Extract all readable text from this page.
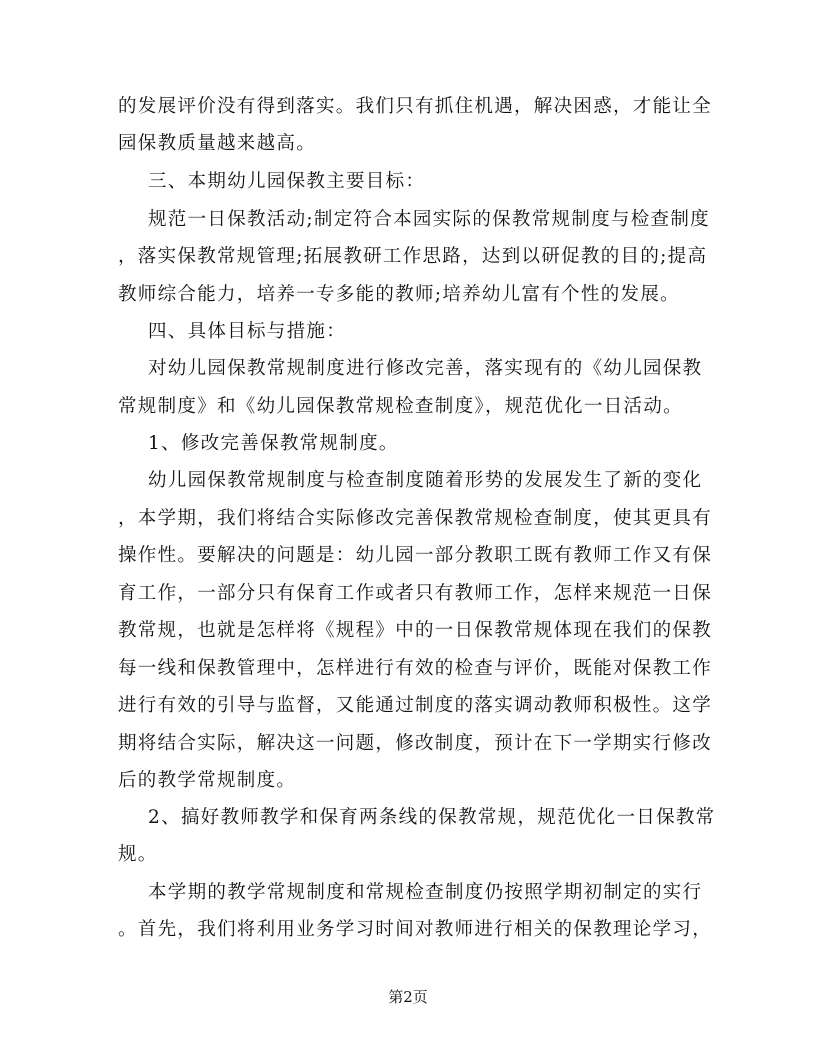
的发展评价没有得到落实。我们只有抓住机遇，解决困惑，才能让全
园保教质量越来越高。
三、本期幼儿园保教主要目标：
规范一日保教活动;制定符合本园实际的保教常规制度与检查制度
，落实保教常规管理;拓展教研工作思路，达到以研促教的目的;提高
教师综合能力，培养一专多能的教师;培养幼儿富有个性的发展。
四、具体目标与措施：
对幼儿园保教常规制度进行修改完善，落实现有的《幼儿园保教
常规制度》和《幼儿园保教常规检查制度》，规范优化一日活动。
1、修改完善保教常规制度。
幼儿园保教常规制度与检查制度随着形势的发展发生了新的变化
，本学期，我们将结合实际修改完善保教常规检查制度，使其更具有
操作性。要解决的问题是：幼儿园一部分教职工既有教师工作又有保
育工作，一部分只有保育工作或者只有教师工作，怎样来规范一日保
教常规，也就是怎样将《规程》中的一日保教常规体现在我们的保教
每一线和保教管理中，怎样进行有效的检查与评价，既能对保教工作
进行有效的引导与监督，又能通过制度的落实调动教师积极性。这学
期将结合实际，解决这一问题，修改制度，预计在下一学期实行修改
后的教学常规制度。
2、搞好教师教学和保育两条线的保教常规，规范优化一日保教常
规。
本学期的教学常规制度和常规检查制度仍按照学期初制定的实行
。首先，我们将利用业务学习时间对教师进行相关的保教理论学习，
第2页
